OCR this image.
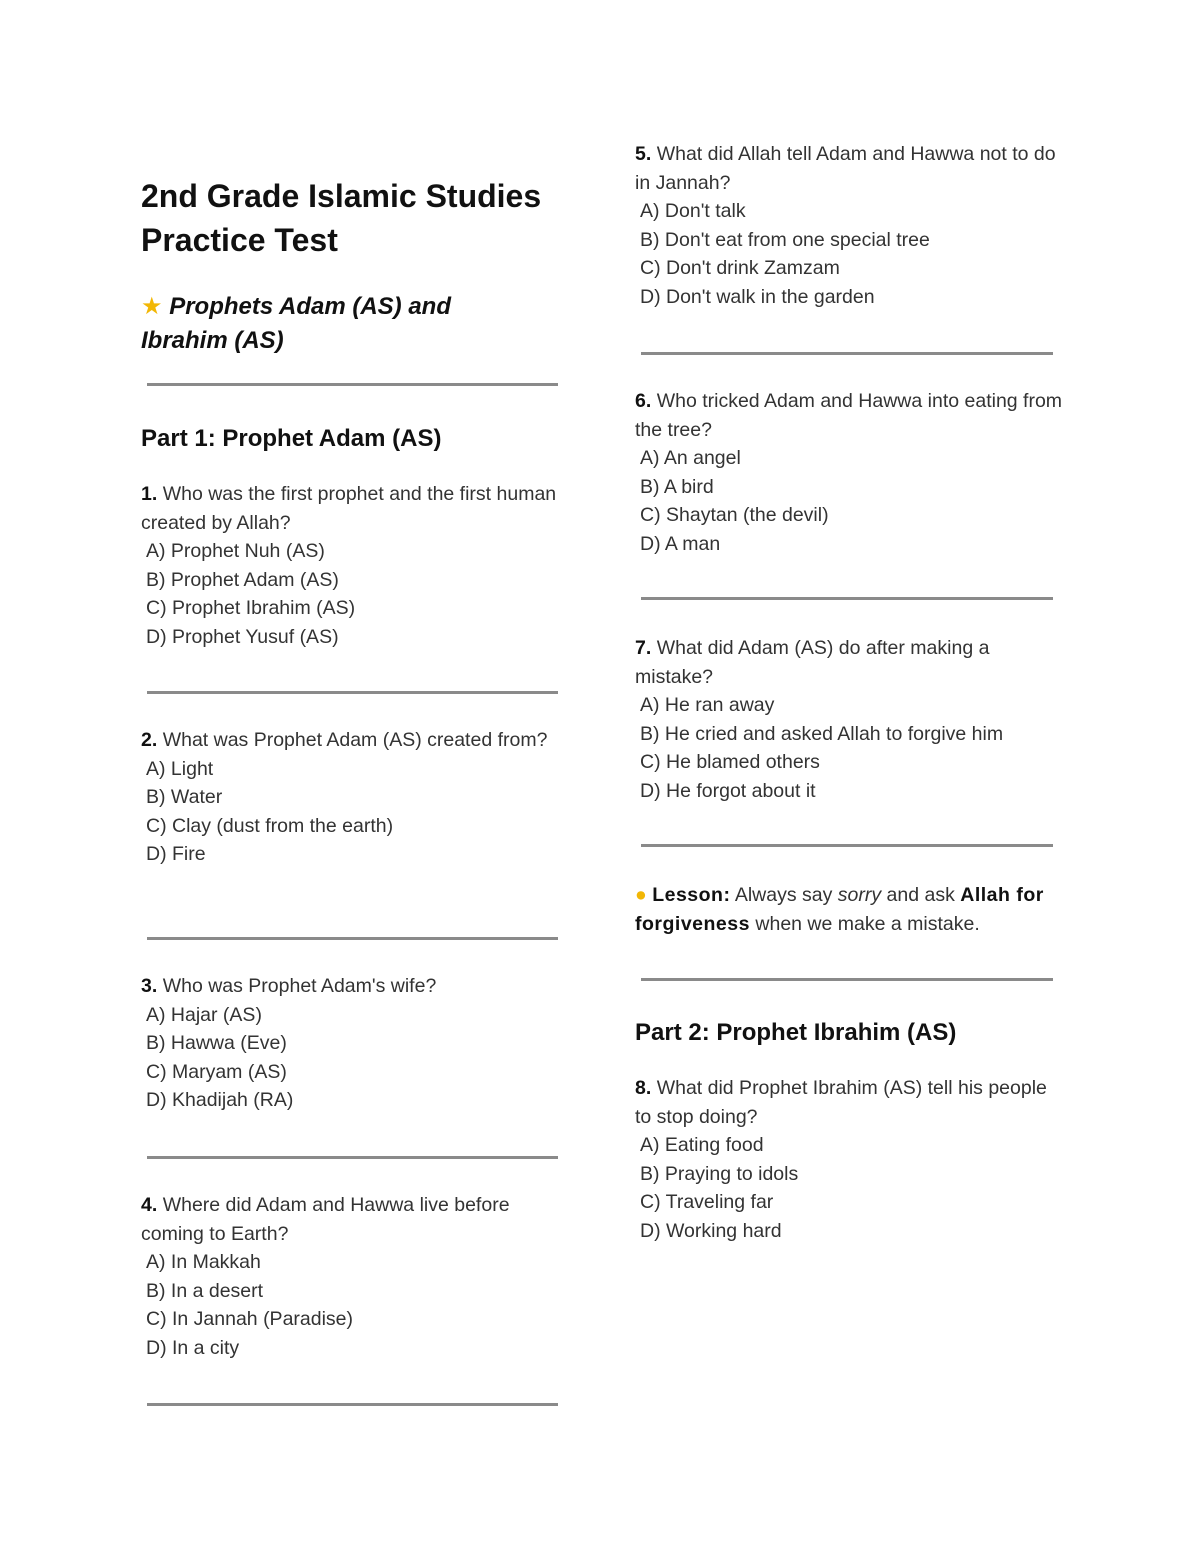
2nd Grade Islamic Studies

Practice Test

★ Prophets Adam (AS) and

Ibrahim (AS)

Part 1: Prophet Adam (AS)

1. Who was the first prophet and the first human created by Allah?
A) Prophet Nuh (AS)
B) Prophet Adam (AS)
C) Prophet Ibrahim (AS)
D) Prophet Yusuf (AS)
2. What was Prophet Adam (AS) created from?
A) Light
B) Water
C) Clay (dust from the earth)
D) Fire
3. Who was Prophet Adam's wife?
A) Hajar (AS)
B) Hawwa (Eve)
C) Maryam (AS)
D) Khadijah (RA)
4. Where did Adam and Hawwa live before coming to Earth?
A) In Makkah
B) In a desert
C) In Jannah (Paradise)
D) In a city
5. What did Allah tell Adam and Hawwa not to do in Jannah?
A) Don't talk
B) Don't eat from one special tree
C) Don't drink Zamzam
D) Don't walk in the garden
6. Who tricked Adam and Hawwa into eating from the tree?
A) An angel
B) A bird
C) Shaytan (the devil)
D) A man
7. What did Adam (AS) do after making a mistake?
A) He ran away
B) He cried and asked Allah to forgive him
C) He blamed others
D) He forgot about it
● Lesson: Always say sorry and ask Allah for forgiveness when we make a mistake.

Part 2: Prophet Ibrahim (AS)

8. What did Prophet Ibrahim (AS) tell his people to stop doing?
A) Eating food
B) Praying to idols
C) Traveling far
D) Working hard
